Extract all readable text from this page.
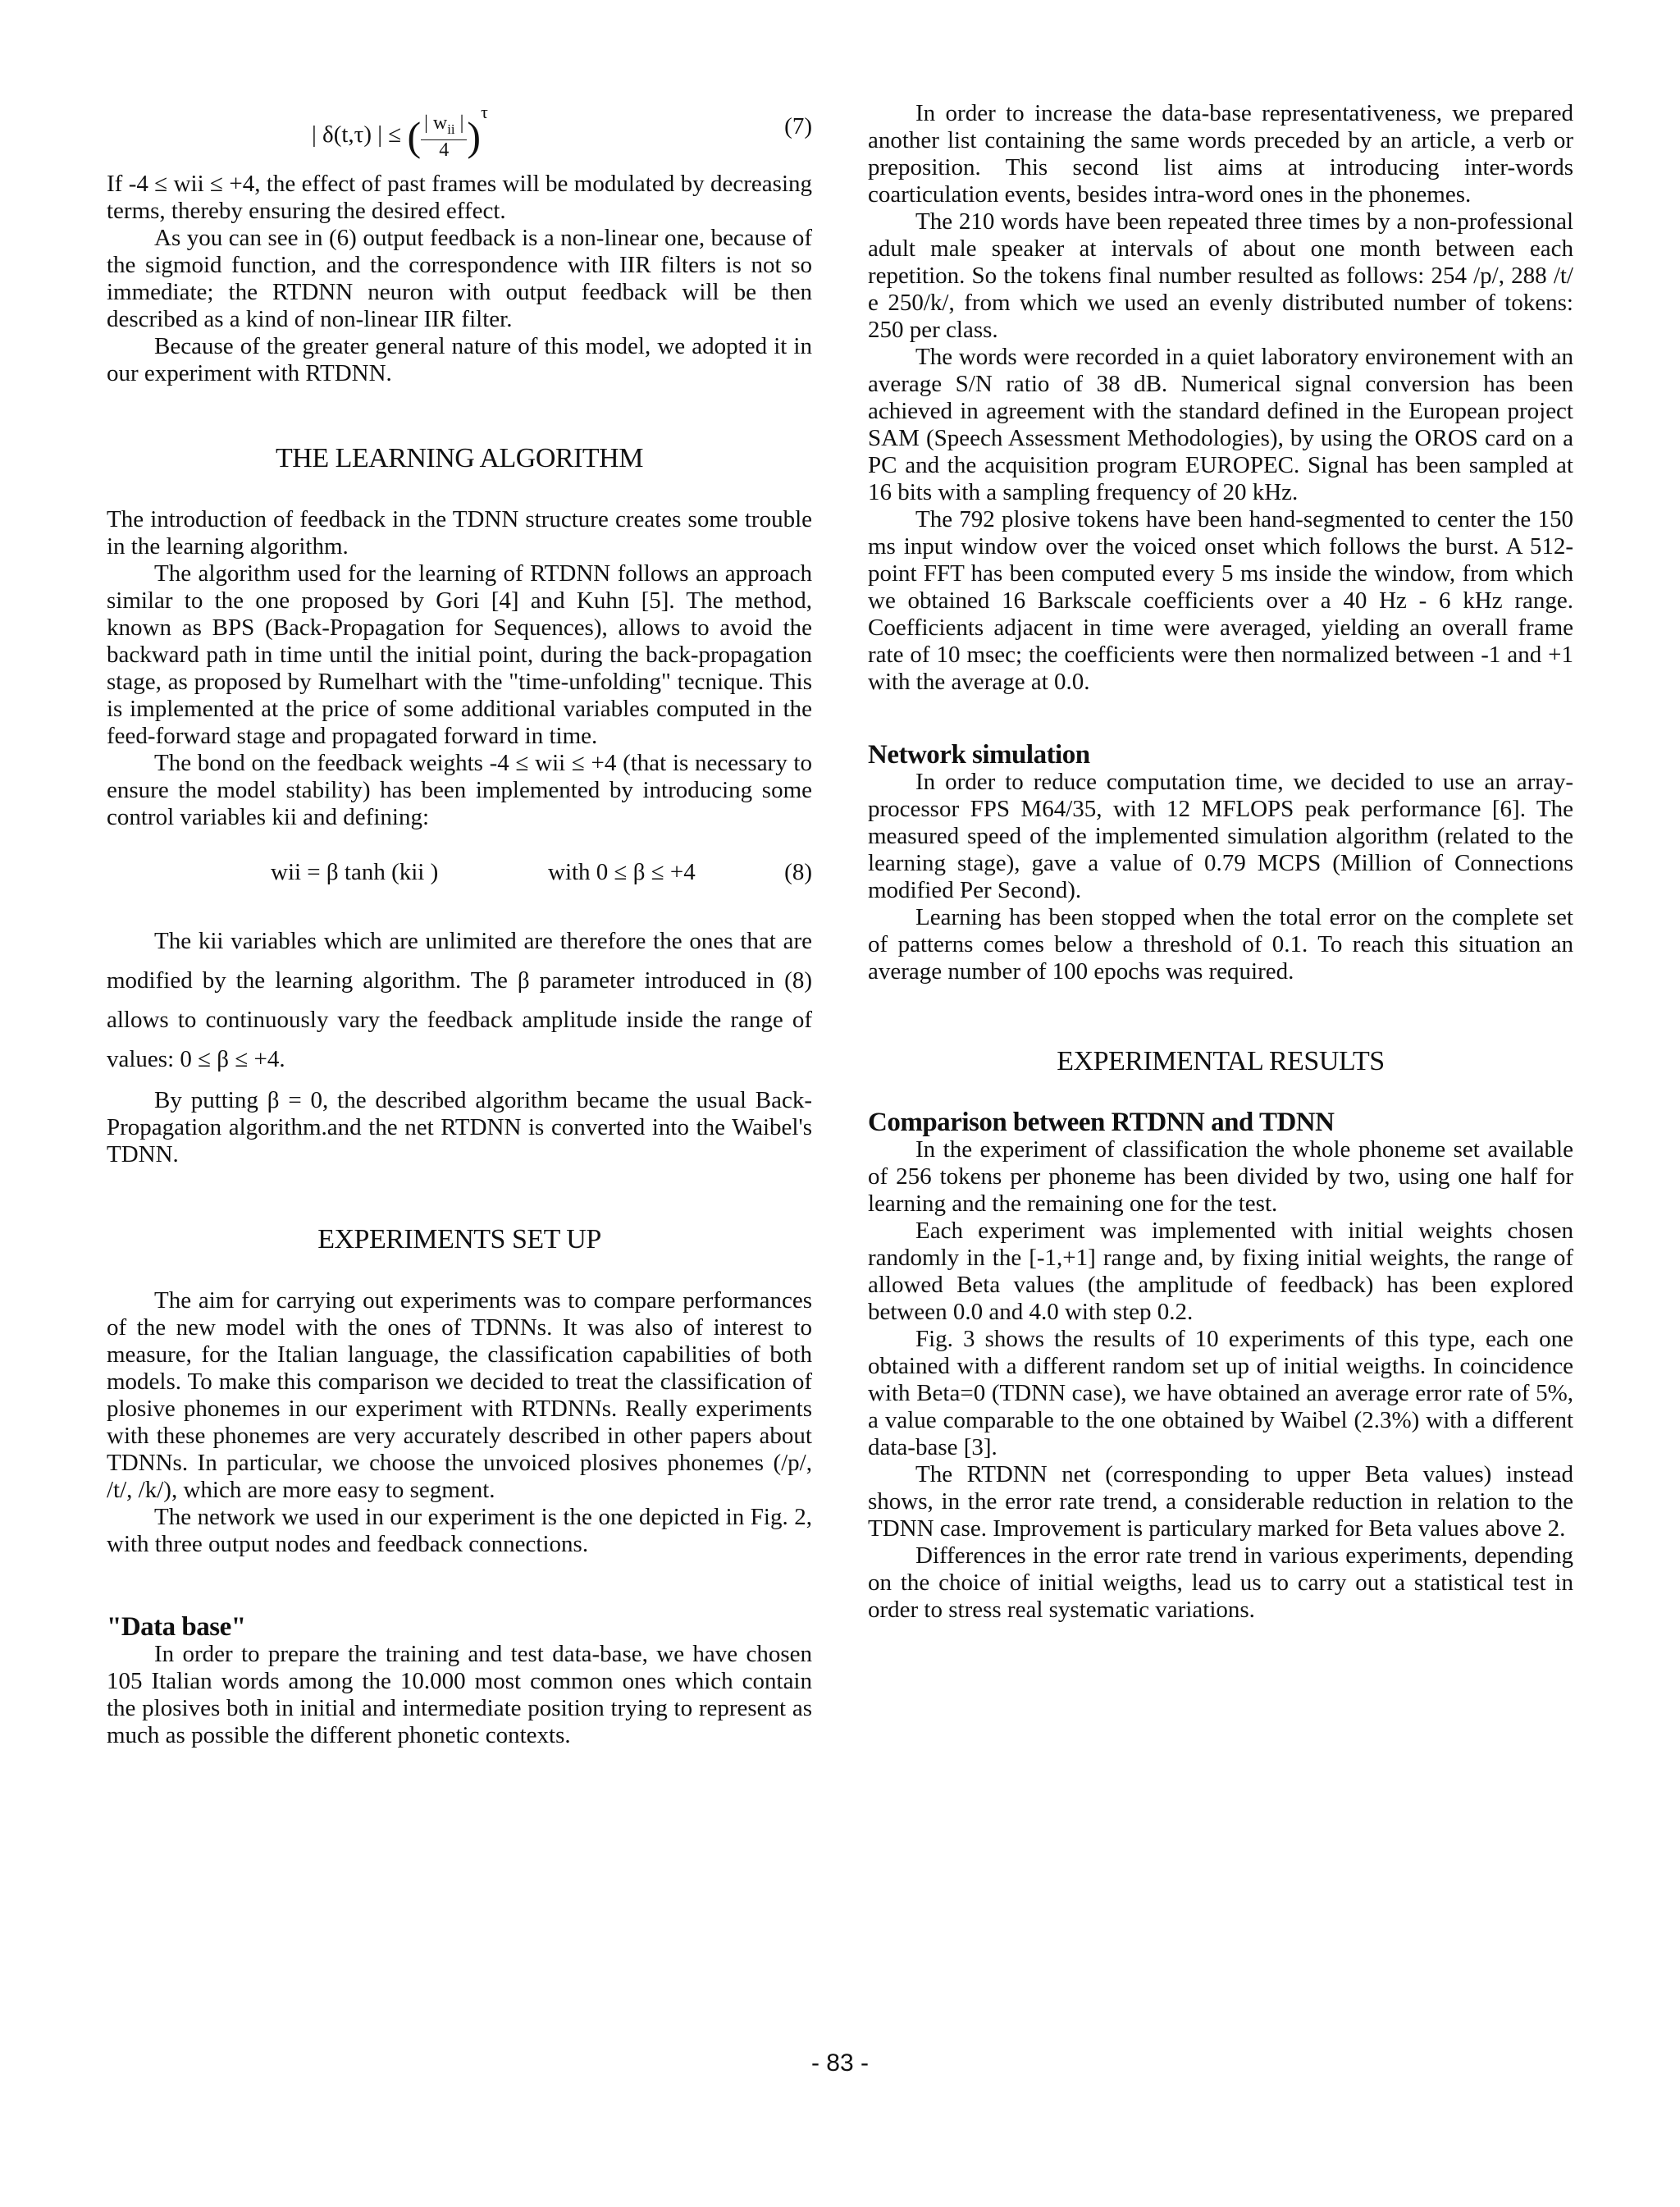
| δ(t,τ) | ≤ ( $\frac{| w_{ii} |}{4} )^\tau$
(7)

If -4 ≤ wii ≤ +4, the effect of past frames will be modulated by decreasing terms, thereby ensuring the desired effect.

As you can see in (6) output feedback is a non-linear one, because of the sigmoid function, and the correspondence with IIR filters is not so immediate; the RTDNN neuron with output feedback will be then described as a kind of non-linear IIR filter.

Because of the greater general nature of this model, we adopted it in our experiment with RTDNN.

THE LEARNING ALGORITHM

The introduction of feedback in the TDNN structure creates some trouble in the learning algorithm.

The algorithm used for the learning of RTDNN follows an approach similar to the one proposed by Gori [4] and Kuhn [5]. The method, known as BPS (Back-Propagation for Sequences), allows to avoid the backward path in time until the initial point, during the back-propagation stage, as proposed by Rumelhart with the "time-unfolding" tecnique. This is implemented at the price of some additional variables computed in the feed-forward stage and propagated forward in time.

The bond on the feedback weights -4 ≤ wii ≤ +4 (that is necessary to ensure the model stability) has been implemented by introducing some control variables kii and defining:

wii = β tanh (kii )	with 0 ≤ β ≤ +4	(8)

The kii variables which are unlimited are therefore the ones that are modified by the learning algorithm. The β parameter introduced in (8) allows to continuously vary the feedback amplitude inside the range of values: 0 ≤ β ≤ +4.

By putting β = 0, the described algorithm became the usual Back-Propagation algorithm.and the net RTDNN is converted into the Waibel's TDNN.

EXPERIMENTS SET UP

The aim for carrying out experiments was to compare performances of the new model with the ones of TDNNs. It was also of interest to measure, for the Italian language, the classification capabilities of both models. To make this comparison we decided to treat the classification of plosive phonemes in our experiment with RTDNNs. Really experiments with these phonemes are very accurately described in other papers about TDNNs. In particular, we choose the unvoiced plosives phonemes (/p/, /t/, /k/), which are more easy to segment.

The network we used in our experiment is the one depicted in Fig. 2, with three output nodes and feedback connections.

"Data base"

In order to prepare the training and test data-base, we have chosen 105 Italian words among the 10.000 most common ones which contain the plosives both in initial and intermediate position trying to represent as much as possible the different phonetic contexts.

In order to increase the data-base representativeness, we prepared another list containing the same words preceded by an article, a verb or preposition. This second list aims at introducing inter-words coarticulation events, besides intra-word ones in the phonemes.

The 210 words have been repeated three times by a non-professional adult male speaker at intervals of about one month between each repetition. So the tokens final number resulted as follows: 254 /p/, 288 /t/ e 250/k/, from which we used an evenly distributed number of tokens: 250 per class.

The words were recorded in a quiet laboratory environement with an average S/N ratio of 38 dB. Numerical signal conversion has been achieved in agreement with the standard defined in the European project SAM (Speech Assessment Methodologies), by using the OROS card on a PC and the acquisition program EUROPEC. Signal has been sampled at 16 bits with a sampling frequency of 20 kHz.

The 792 plosive tokens have been hand-segmented to center the 150 ms input window over the voiced onset which follows the burst. A 512-point FFT has been computed every 5 ms inside the window, from which we obtained 16 Barkscale coefficients over a 40 Hz - 6 kHz range. Coefficients adjacent in time were averaged, yielding an overall frame rate of 10 msec; the coefficients were then normalized between -1 and +1 with the average at 0.0.

Network simulation

In order to reduce computation time, we decided to use an array-processor FPS M64/35, with 12 MFLOPS peak performance [6]. The measured speed of the implemented simulation algorithm (related to the learning stage), gave a value of 0.79 MCPS (Million of Connections modified Per Second).

Learning has been stopped when the total error on the complete set of patterns comes below a threshold of 0.1. To reach this situation an average number of 100 epochs was required.

EXPERIMENTAL RESULTS
Comparison between RTDNN and TDNN

In the experiment of classification the whole phoneme set available of 256 tokens per phoneme has been divided by two, using one half for learning and the remaining one for the test.

Each experiment was implemented with initial weights chosen randomly in the [-1,+1] range and, by fixing initial weights, the range of allowed Beta values (the amplitude of feedback) has been explored between 0.0 and 4.0 with step 0.2.

Fig. 3 shows the results of 10 experiments of this type, each one obtained with a different random set up of initial weigths. In coincidence with Beta=0 (TDNN case), we have obtained an average error rate of 5%, a value comparable to the one obtained by Waibel (2.3%) with a different data-base [3].

The RTDNN net (corresponding to upper Beta values) instead shows, in the error rate trend, a considerable reduction in relation to the TDNN case. Improvement is particulary marked for Beta values above 2.

Differences in the error rate trend in various experiments, depending on the choice of initial weigths, lead us to carry out a statistical test in order to stress real systematic variations.

- 83 -
